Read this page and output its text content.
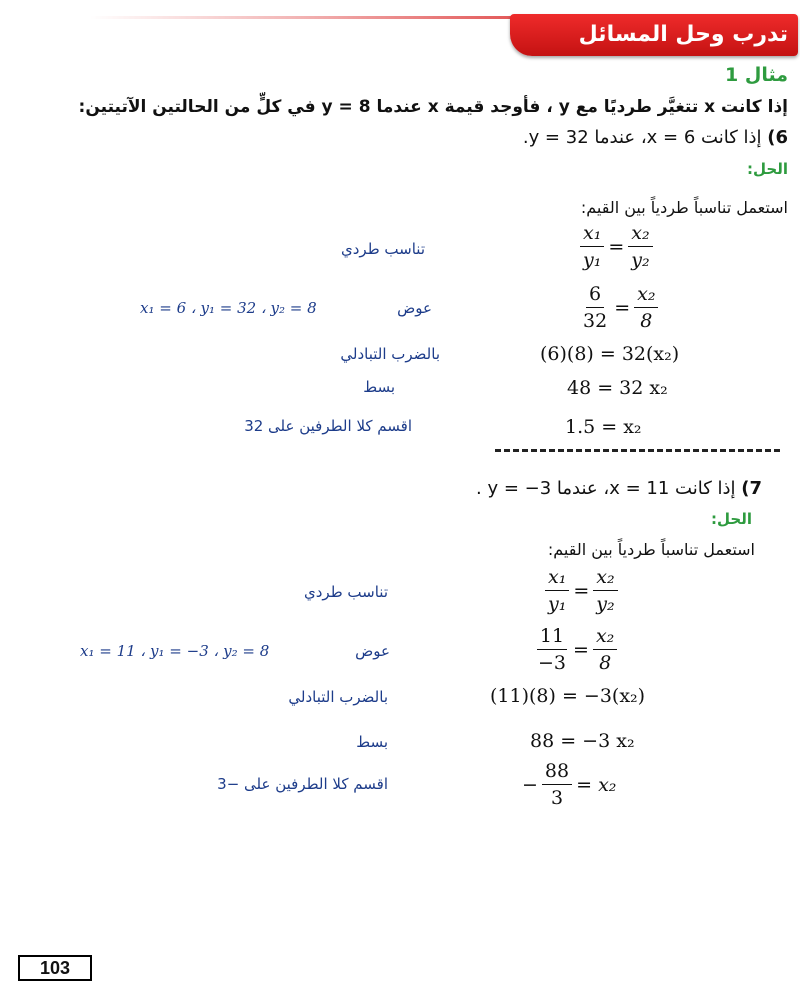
تدرب وحل المسائل
مثال 1
إذا كانت x تتغيَّر طرديًا مع y ، فأوجد قيمة x عندما 8 = y في كلٍّ من الحالتين الآتيتين:
6) إذا كانت x = 6، عندما y = 32.
الحل:
استعمل تناسباً طردياً بين القيم:
$\frac{\text{x₁}}{\text{y₁}} = \frac{\text{x₂}}{\text{y₂}}$
تناسب طردي
$\frac{6}{32} = \frac{\text{x₂}}{8}$
x₁ = 6 ، y₁ = 32 ، y₂ = 8	عوض
(6)(8) = 32(x₂)
بالضرب التبادلي
48 = 32 x₂
بسط
1.5 = x₂
اقسم كلا الطرفين على 32
7) إذا كانت x = 11، عندما y = −3 .
الحل:
استعمل تناسباً طردياً بين القيم:
$\frac{\text{x₁}}{\text{y₁}} = \frac{\text{x₂}}{\text{y₂}}$
تناسب طردي
$\frac{11}{-3} = \frac{\text{x₂}}{8}$
x₁ = 11 ، y₁ = −3 ، y₂ = 8	عوض
(11)(8) = −3(x₂)
بالضرب التبادلي
88 = −3 x₂
بسط
− $\frac{88}{3} = x_2$
اقسم كلا الطرفين على −3
103
